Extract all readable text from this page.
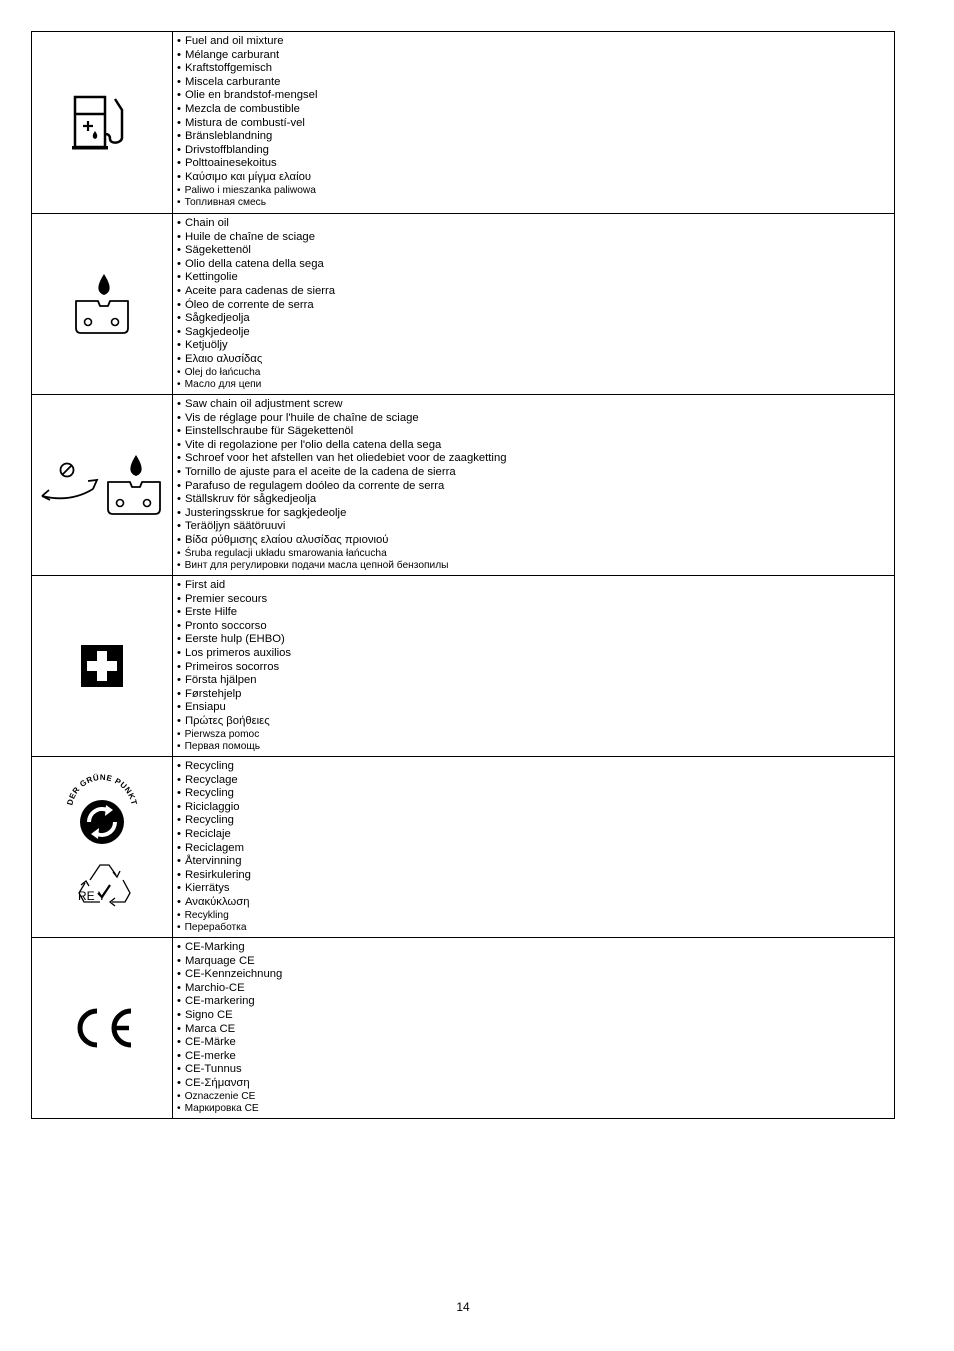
• Fuel and oil mixture
• Mélange carburant
• Kraftstoffgemisch
• Miscela carburante
• Olie en brandstof-mengsel
• Mezcla de combustible
• Mistura de combustí-vel
• Bränsleblandning
• Drivstoffblanding
• Polttoainesekoitus
• Καύσιμο και μίγμα ελαίου
• Paliwo i mieszanka paliwowa
• Топливная смесь
• Chain oil
• Huile de chaîne de sciage
• Sägekettenöl
• Olio della catena della sega
• Kettingolie
• Aceite para cadenas de sierra
• Óleo de corrente de serra
• Sågkedjeolja
• Sagkjedeolje
• Ketjuöljy
• Ελαιο αλυσίδας
• Olej do łańcucha
• Масло для цепи
• Saw chain oil adjustment screw
• Vis de réglage pour l'huile de chaîne de sciage
• Einstellschraube für Sägekettenöl
• Vite di regolazione per l'olio della catena della sega
• Schroef voor het afstellen van het oliedebiet voor de zaagketting
• Tornillo de ajuste para el aceite de la cadena de sierra
• Parafuso de regulagem doóleo da corrente de serra
• Ställskruv för sågkedjeolja
• Justeringsskrue for sagkjedeolje
• Teräöljyn säätöruuvi
• Βίδα ρύθμισης ελαίου αλυσίδας πριονιού
• Śruba regulacji układu smarowania łańcucha
• Винт для регулировки подачи масла цепной бензопилы
• First aid
• Premier secours
• Erste Hilfe
• Pronto soccorso
• Eerste hulp (EHBO)
• Los primeros auxilios
• Primeiros socorros
• Första hjälpen
• Førstehjelp
• Ensiapu
• Πρώτες βοήθειες
• Pierwsza pomoc
• Первая помощь
DER GRÜNE PUNKT
RE Y
• Recycling
• Recyclage
• Recycling
• Riciclaggio
• Recycling
• Reciclaje
• Reciclagem
• Återvinning
• Resirkulering
• Kierrätys
• Ανακύκλωση
• Recykling
• Переработка
• CE-Marking
• Marquage CE
• CE-Kennzeichnung
• Marchio-CE
• CE-markering
• Signo CE
• Marca CE
• CE-Märke
• CE-merke
• CE-Tunnus
• CE-Σήμανση
• Oznaczenie CE
• Маркировка CE
14
